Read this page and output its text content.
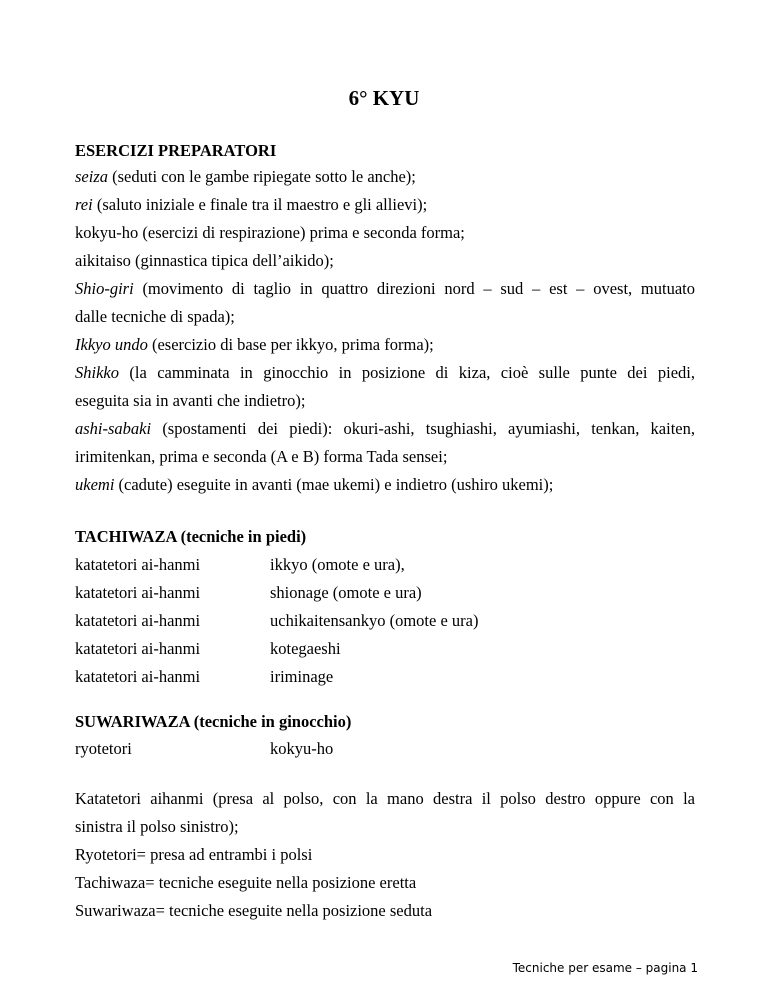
6° KYU
ESERCIZI PREPARATORI
seiza (seduti con le gambe ripiegate sotto le anche);
rei (saluto iniziale e finale tra il maestro e gli allievi);
kokyu-ho (esercizi di respirazione) prima e seconda forma;
aikitaiso (ginnastica tipica dell’aikido);
Shio-giri (movimento di taglio in quattro direzioni nord – sud – est – ovest, mutuato
dalle tecniche di spada);
Ikkyo undo (esercizio di base per ikkyo, prima forma);
Shikko (la camminata in ginocchio in posizione di kiza, cioè sulle punte dei piedi,
eseguita sia in avanti che indietro);
ashi-sabaki (spostamenti dei piedi): okuri-ashi, tsughiashi, ayumiashi, tenkan, kaiten,
irimitenkan, prima e seconda (A e B) forma Tada sensei;
ukemi (cadute) eseguite in avanti (mae ukemi) e indietro (ushiro ukemi);
TACHIWAZA (tecniche in piedi)
katatetori ai-hanmi	ikkyo (omote e ura),
katatetori ai-hanmi	shionage (omote e ura)
katatetori ai-hanmi	uchikaitensankyo (omote e ura)
katatetori ai-hanmi	kotegaeshi
katatetori ai-hanmi	iriminage
SUWARIWAZA (tecniche in ginocchio)
ryotetori	kokyu-ho
Katatetori aihanmi (presa al polso, con la mano destra il polso destro oppure con la
sinistra il polso sinistro);
Ryotetori= presa ad entrambi i polsi
Tachiwaza= tecniche eseguite nella posizione eretta
Suwariwaza= tecniche eseguite nella posizione seduta
Tecniche per esame – pagina 1
